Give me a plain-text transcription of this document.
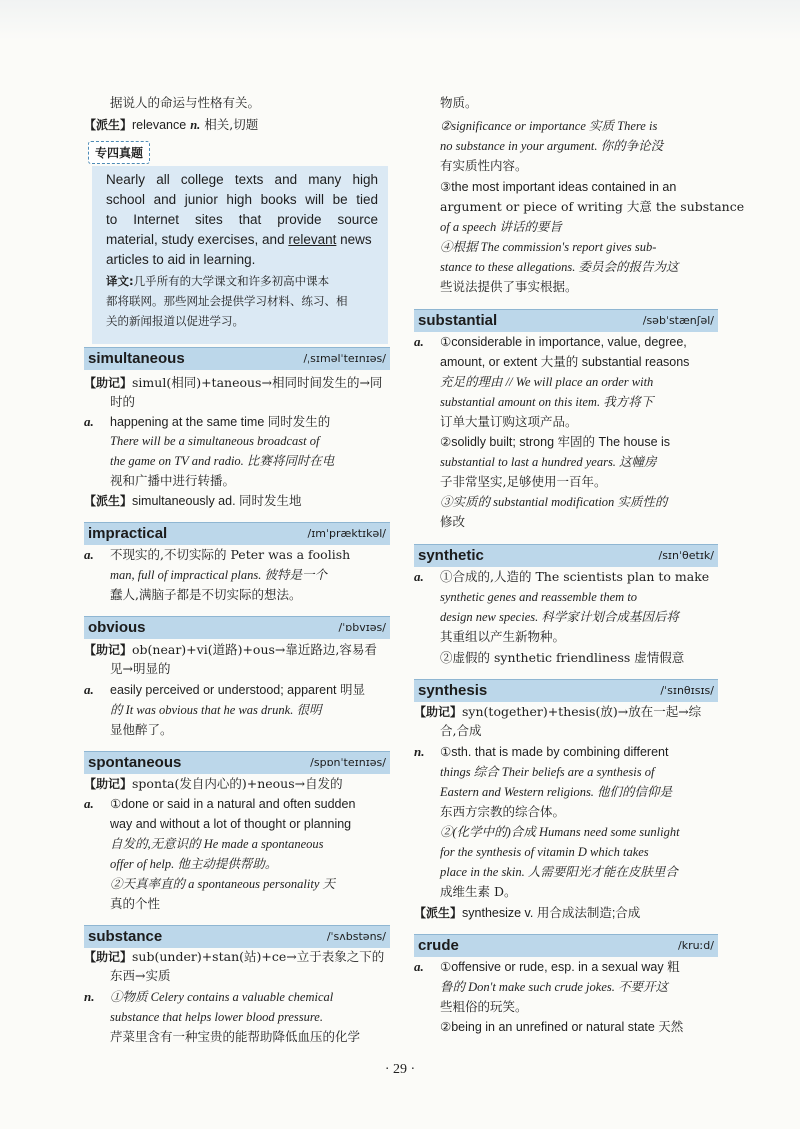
据说人的命运与性格有关。
【派生】relevance n. 相关,切题
专四真题
Nearly all college texts and many high
school and junior high books will be tied
to Internet sites that provide source
material, study exercises, and relevant news
articles to aid in learning.
译文:几乎所有的大学课文和许多初高中课本
都将联网。那些网址会提供学习材料、练习、相
关的新闻报道以促进学习。
simultaneous	/ˌsɪməlˈteɪnɪəs/
【助记】simul(相同)+taneous→相同时间发生的→同
时的
a.	happening at the same time 同时发生的
There will be a simultaneous broadcast of
the game on TV and radio. 比赛将同时在电
视和广播中进行转播。
【派生】simultaneously ad. 同时发生地
impractical	/ɪmˈpræktɪkəl/
a.	不现实的,不切实际的 Peter was a foolish
man, full of impractical plans. 彼特是一个
蠢人,满脑子都是不切实际的想法。
obvious	/ˈɒbvɪəs/
【助记】ob(near)+vi(道路)+ous→靠近路边,容易看
见→明显的
a.	easily perceived or understood; apparent 明显
的 It was obvious that he was drunk. 很明
显他醉了。
spontaneous	/spɒnˈteɪnɪəs/
【助记】sponta(发自内心的)+neous→自发的
a.	①done or said in a natural and often sudden
way and without a lot of thought or planning
自发的,无意识的 He made a spontaneous
offer of help. 他主动提供帮助。
②天真率直的 a spontaneous personality 天
真的个性
substance	/ˈsʌbstəns/
【助记】sub(under)+stan(站)+ce→立于表象之下的
东西→实质
n.	①物质 Celery contains a valuable chemical
substance that helps lower blood pressure.
芹菜里含有一种宝贵的能帮助降低血压的化学
物质。
②significance or importance 实质 There is
no substance in your argument. 你的争论没
有实质性内容。
③the most important ideas contained in an
argument or piece of writing 大意 the substance
of a speech 讲话的要旨
④根据 The commission's report gives sub-
stance to these allegations. 委员会的报告为这
些说法提供了事实根据。
substantial	/səbˈstænʃəl/
a.	①considerable in importance, value, degree,
amount, or extent 大量的 substantial reasons
充足的理由 // We will place an order with
substantial amount on this item. 我方将下
订单大量订购这项产品。
②solidly built; strong 牢固的 The house is
substantial to last a hundred years. 这幢房
子非常坚实,足够使用一百年。
③实质的 substantial modification 实质性的
修改
synthetic	/sɪnˈθetɪk/
a.	①合成的,人造的 The scientists plan to make
synthetic genes and reassemble them to
design new species. 科学家计划合成基因后将
其重组以产生新物种。
②虚假的 synthetic friendliness 虚情假意
synthesis	/ˈsɪnθɪsɪs/
【助记】syn(together)+thesis(放)→放在一起→综
合,合成
n.	①sth. that is made by combining different
things 综合 Their beliefs are a synthesis of
Eastern and Western religions. 他们的信仰是
东西方宗教的综合体。
②(化学中的)合成 Humans need some sunlight
for the synthesis of vitamin D which takes
place in the skin. 人需要阳光才能在皮肤里合
成维生素 D。
【派生】synthesize v. 用合成法制造;合成
crude	/kruːd/
a.	①offensive or rude, esp. in a sexual way 粗
鲁的 Don't make such crude jokes. 不要开这
些粗俗的玩笑。
②being in an unrefined or natural state 天然
· 29 ·
